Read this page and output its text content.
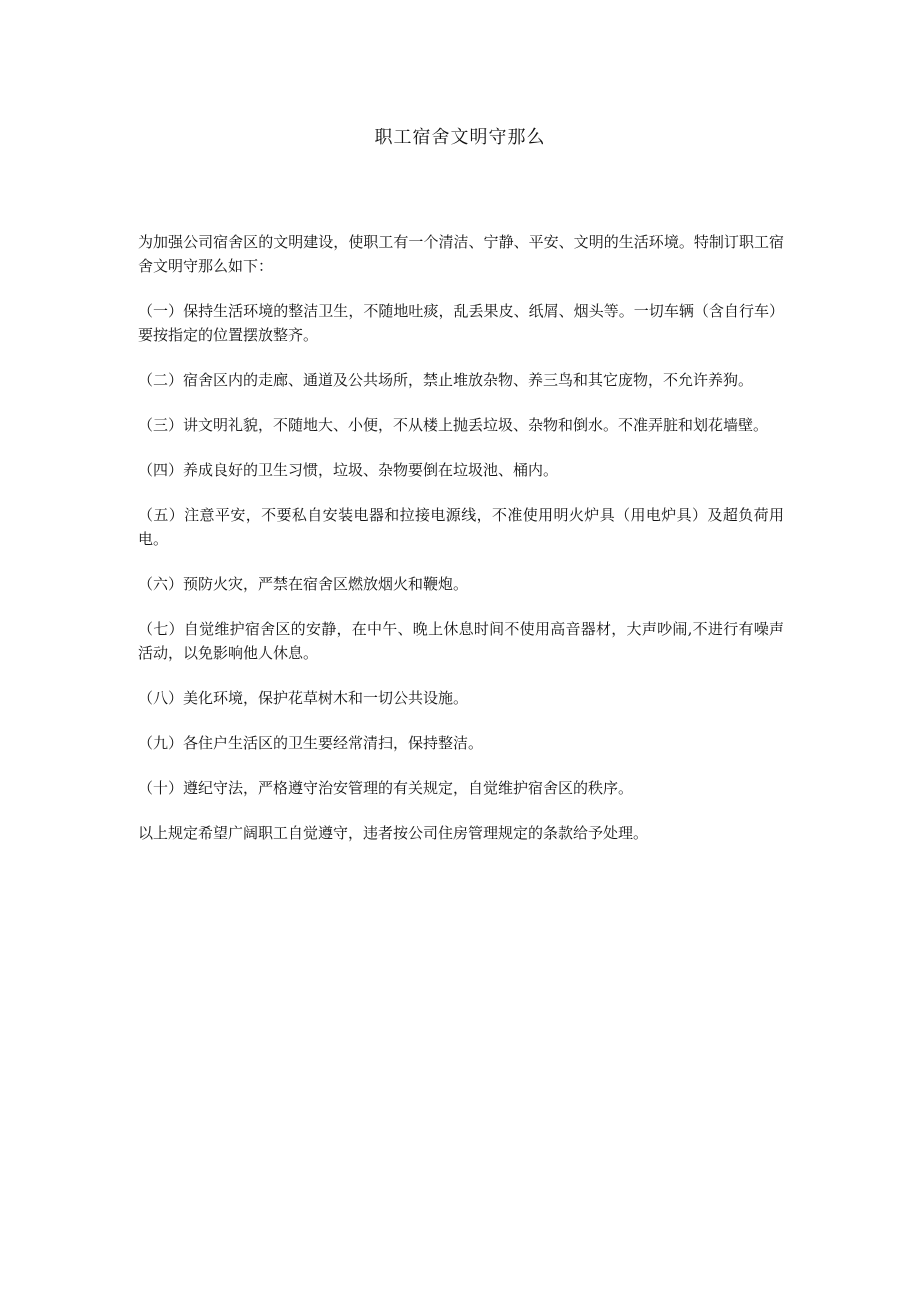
职工宿舍文明守那么

为加强公司宿舍区的文明建设，使职工有一个清洁、宁静、平安、文明的生活环境。特制订职工宿舍文明守那么如下：

（一）保持生活环境的整洁卫生，不随地吐痰，乱丢果皮、纸屑、烟头等。一切车辆（含自行车）要按指定的位置摆放整齐。

（二）宿舍区内的走廊、通道及公共场所，禁止堆放杂物、养三鸟和其它庞物，不允许养狗。

（三）讲文明礼貌，不随地大、小便，不从楼上抛丢垃圾、杂物和倒水。不准弄脏和划花墙壁。

（四）养成良好的卫生习惯，垃圾、杂物要倒在垃圾池、桶内。

（五）注意平安，不要私自安装电器和拉接电源线，不准使用明火炉具（用电炉具）及超负荷用电。

（六）预防火灾，严禁在宿舍区燃放烟火和鞭炮。

（七）自觉维护宿舍区的安静，在中午、晚上休息时间不使用高音器材，大声吵闹,不进行有噪声活动，以免影响他人休息。

（八）美化环境，保护花草树木和一切公共设施。

（九）各住户生活区的卫生要经常清扫，保持整洁。

（十）遵纪守法，严格遵守治安管理的有关规定，自觉维护宿舍区的秩序。

以上规定希望广阔职工自觉遵守，违者按公司住房管理规定的条款给予处理。
